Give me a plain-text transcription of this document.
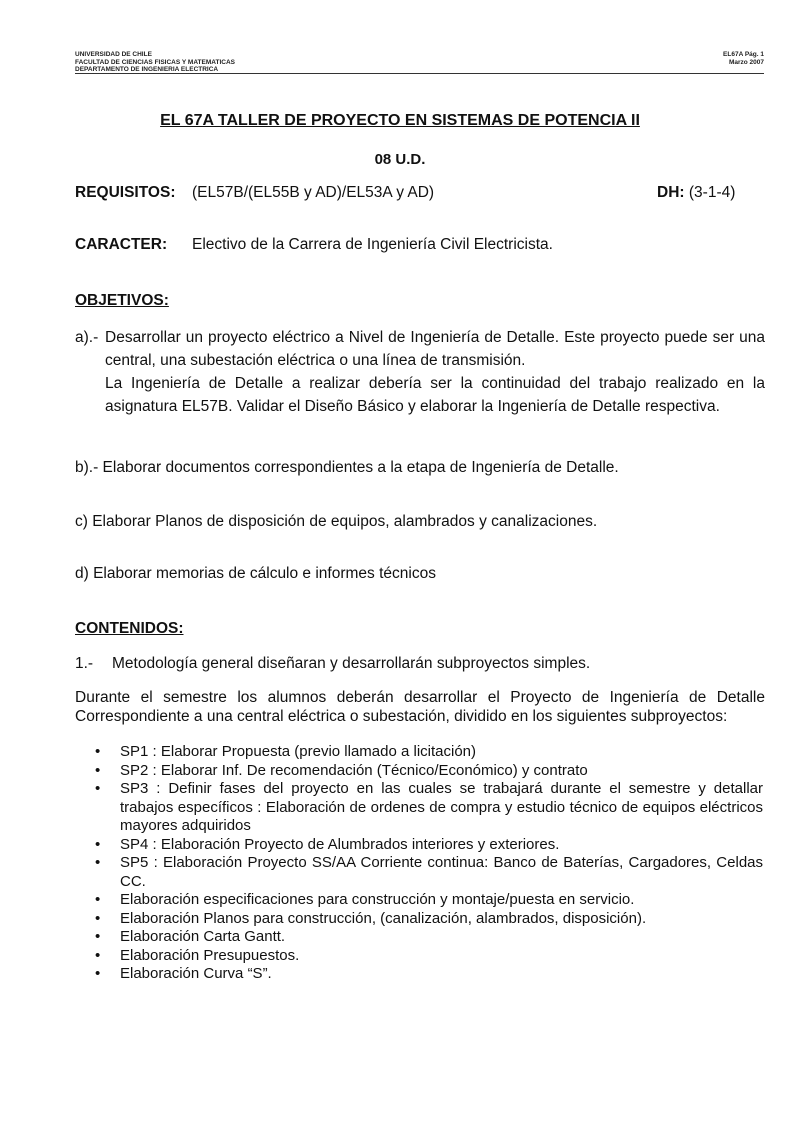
UNIVERSIDAD DE CHILE
FACULTAD DE CIENCIAS FISICAS Y MATEMATICAS
DEPARTAMENTO DE INGENIERIA ELECTRICA
EL67A Pág. 1
Marzo 2007
EL 67A TALLER DE PROYECTO EN SISTEMAS DE POTENCIA II
08 U.D.
REQUISITOS: (EL57B/(EL55B y AD)/EL53A y AD)	DH: (3-1-4)
CARACTER: Electivo de la Carrera de Ingeniería Civil Electricista.
OBJETIVOS:
a).- Desarrollar un proyecto eléctrico a Nivel de Ingeniería de Detalle. Este proyecto puede ser una central, una subestación eléctrica o una línea de transmisión.

La Ingeniería de Detalle a realizar debería ser la continuidad del trabajo realizado en la asignatura EL57B. Validar el Diseño Básico y elaborar la Ingeniería de Detalle respectiva.

b).- Elaborar documentos correspondientes a la etapa de Ingeniería de Detalle.
c) Elaborar Planos de disposición de equipos, alambrados y canalizaciones.
d) Elaborar memorias de cálculo e informes técnicos
CONTENIDOS:
1.- Metodología general diseñaran y desarrollarán subproyectos simples.
Durante el semestre los alumnos deberán desarrollar el Proyecto de Ingeniería de Detalle Correspondiente a una central eléctrica o subestación, dividido en los siguientes subproyectos:
• SP1 : Elaborar Propuesta (previo llamado a licitación)
• SP2 : Elaborar Inf. De recomendación (Técnico/Económico) y contrato
• SP3 : Definir fases del proyecto en las cuales se trabajará durante el semestre y detallar trabajos específicos : Elaboración de ordenes de compra y estudio técnico de equipos eléctricos mayores adquiridos
• SP4 : Elaboración Proyecto de Alumbrados interiores y exteriores.
• SP5 : Elaboración Proyecto SS/AA Corriente continua: Banco de Baterías, Cargadores, Celdas CC.
• Elaboración especificaciones para construcción y montaje/puesta en servicio.
• Elaboración Planos para construcción, (canalización, alambrados, disposición).
• Elaboración Carta Gantt.
• Elaboración Presupuestos.
• Elaboración Curva “S”.
